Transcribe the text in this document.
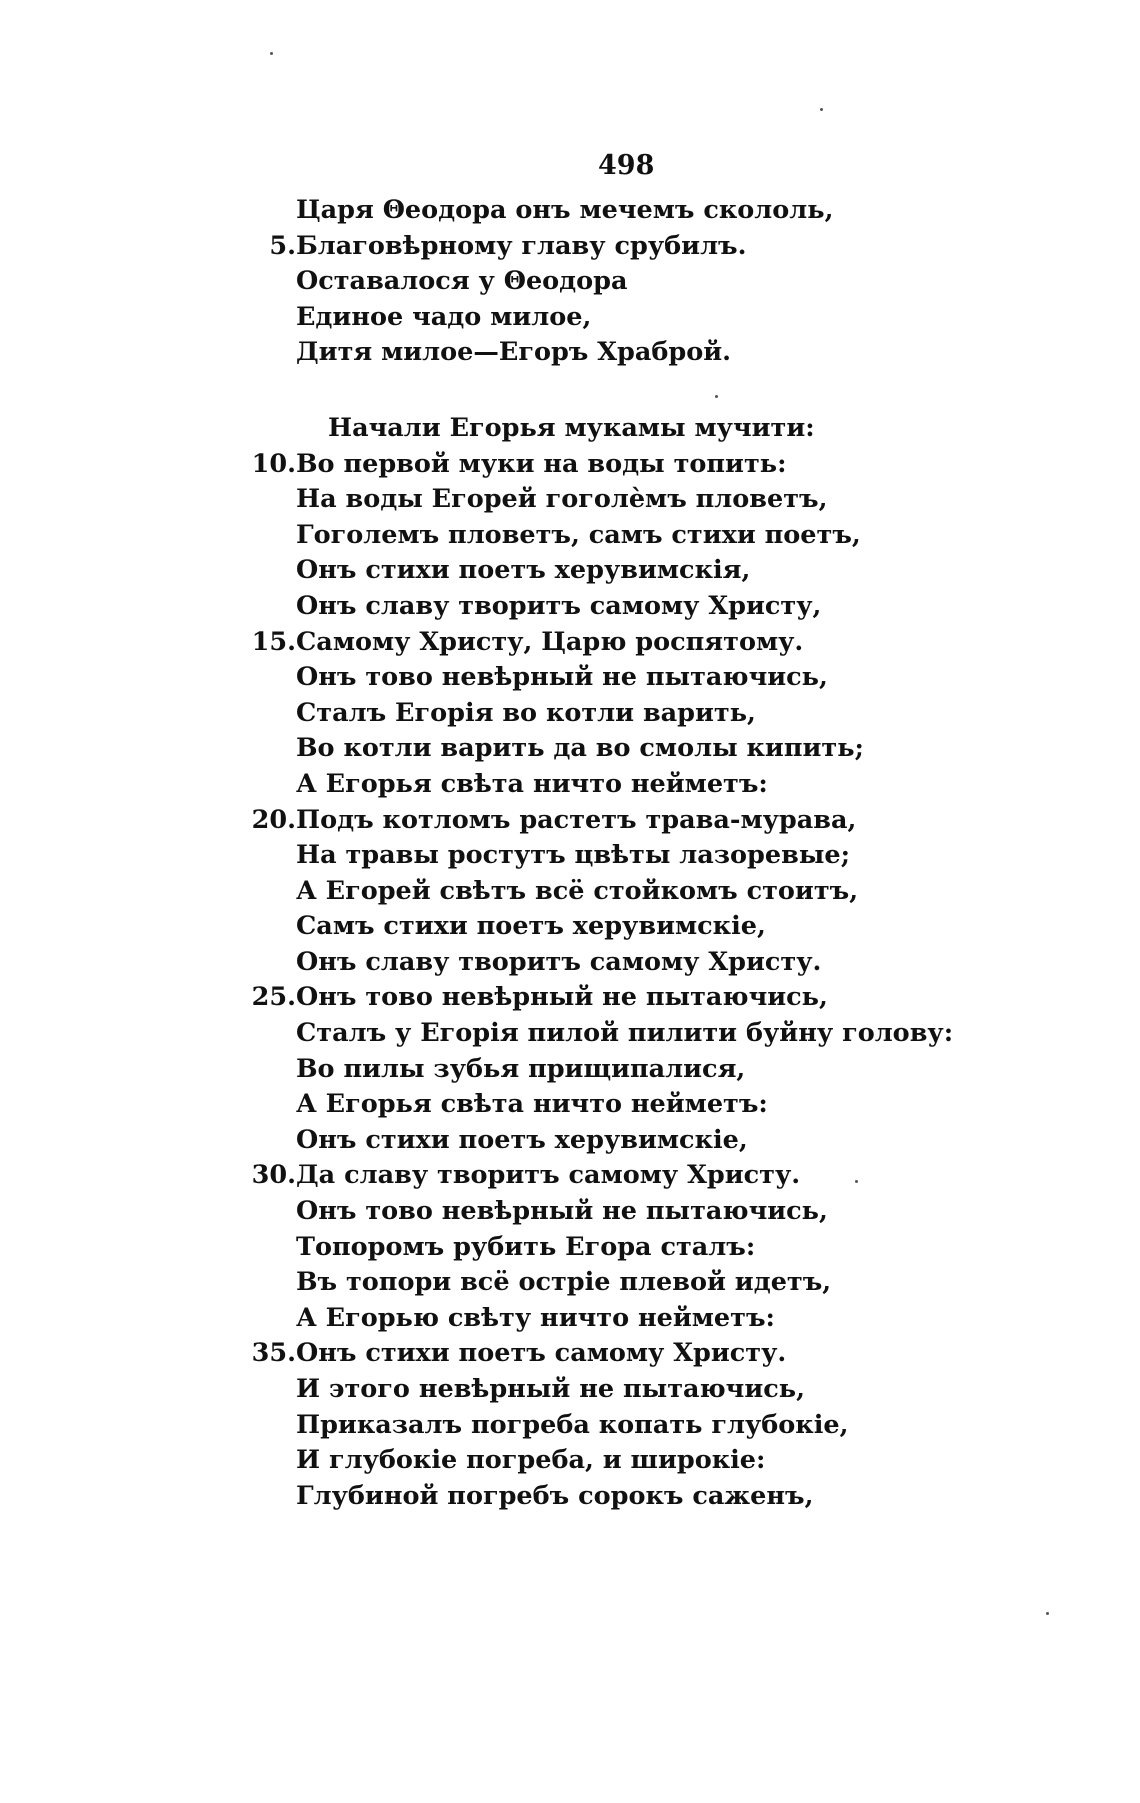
498
Царя Θеодора онъ мечемъ скололь,
5. Благовѣрному главу срубилъ.
Оставалося у Θеодора
Единое чадо милое,
Дитя милое—Егоръ Храброй.
Начали Егорья мукамы мучити:
10. Во первой муки на воды топить:
На воды Егорей гоголѐмъ пловетъ,
Гоголемъ пловетъ, самъ стихи поетъ,
Онъ стихи поетъ херувимскія,
Онъ славу творитъ самому Христу,
15. Самому Христу, Царю роспятому.
Онъ тово невѣрный не пытаючись,
Сталъ Егорія во котли варить,
Во котли варить да во смолы кипить;
А Егорья свѣта ничто нейметъ:
20. Подъ котломъ растетъ трава-мурава,
На травы ростутъ цвѣты лазоревые;
А Егорей свѣтъ всё стойкомъ стоитъ,
Самъ стихи поетъ херувимскіе,
Онъ славу творитъ самому Христу.
25. Онъ тово невѣрный не пытаючись,
Сталъ у Егорія пилой пилити буйну голову:
Во пилы зубья прищипалися,
А Егорья свѣта ничто нейметъ:
Онъ стихи поетъ херувимскіе,
30. Да славу творитъ самому Христу.
Онъ тово невѣрный не пытаючись,
Топоромъ рубить Егора сталъ:
Въ топори всё остріе плевой идетъ,
А Егорью свѣту ничто нейметъ:
35. Онъ стихи поетъ самому Христу.
И этого невѣрный не пытаючись,
Приказалъ погреба копать глубокіе,
И глубокіе погреба, и широкіе:
Глубиной погребъ сорокъ саженъ,
